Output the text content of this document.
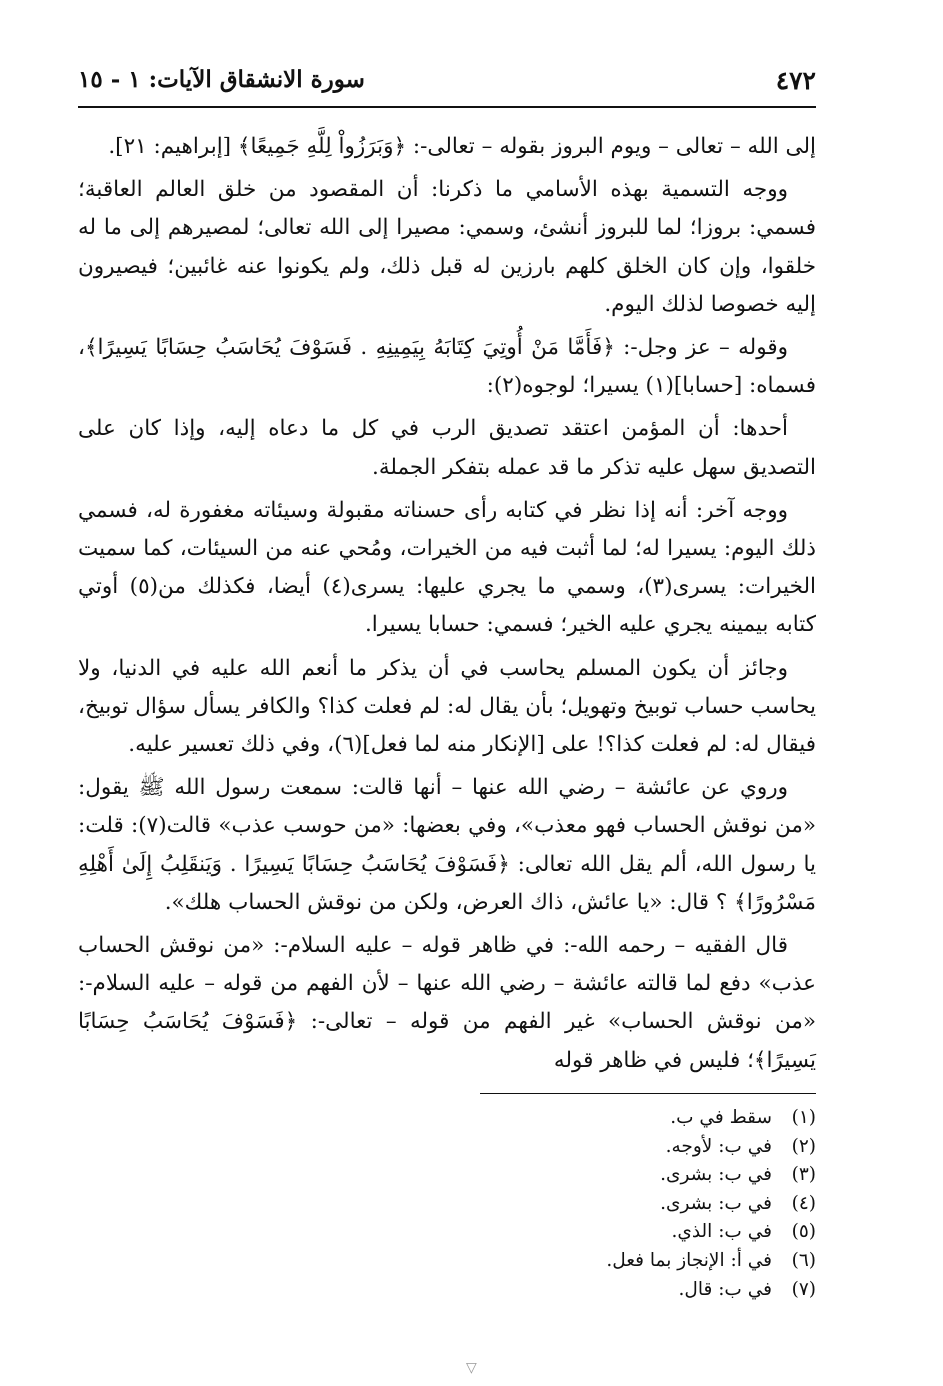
٤٧٢
سورة الانشقاق الآيات: ١ - ١٥

إلى الله – تعالى – ويوم البروز بقوله – تعالى-: ﴿وَبَرَزُواْ لِلَّهِ جَمِيعًا﴾ [إبراهيم: ٢١].

ووجه التسمية بهذه الأسامي ما ذكرنا: أن المقصود من خلق العالم العاقبة؛ فسمي: بروزا؛ لما للبروز أنشئ، وسمي: مصيرا إلى الله تعالى؛ لمصيرهم إلى ما له خلقوا، وإن كان الخلق كلهم بارزين له قبل ذلك، ولم يكونوا عنه غائبين؛ فيصيرون إليه خصوصا لذلك اليوم.

وقوله – عز وجل-: ﴿فَأَمَّا مَنْ أُوتِيَ كِتَابَهُ بِيَمِينِهِ . فَسَوْفَ يُحَاسَبُ حِسَابًا يَسِيرًا﴾، فسماه: [حسابا](١) يسيرا؛ لوجوه(٢):

أحدها: أن المؤمن اعتقد تصديق الرب في كل ما دعاه إليه، وإذا كان على التصديق سهل عليه تذكر ما قد عمله بتفكر الجملة.

ووجه آخر: أنه إذا نظر في كتابه رأى حسناته مقبولة وسيئاته مغفورة له، فسمي ذلك اليوم: يسيرا له؛ لما أثبت فيه من الخيرات، ومُحي عنه من السيئات، كما سميت الخيرات: يسرى(٣)، وسمي ما يجري عليها: يسرى(٤) أيضا، فكذلك من(٥) أوتي كتابه بيمينه يجري عليه الخير؛ فسمي: حسابا يسيرا.

وجائز أن يكون المسلم يحاسب في أن يذكر ما أنعم الله عليه في الدنيا، ولا يحاسب حساب توبيخ وتهويل؛ بأن يقال له: لم فعلت كذا؟ والكافر يسأل سؤال توبيخ، فيقال له: لم فعلت كذا؟! على [الإنكار منه لما فعل](٦)، وفي ذلك تعسير عليه.

وروي عن عائشة – رضي الله عنها – أنها قالت: سمعت رسول الله ﷺ يقول: «من نوقش الحساب فهو معذب»، وفي بعضها: «من حوسب عذب» قالت(٧): قلت: يا رسول الله، ألم يقل الله تعالى: ﴿فَسَوْفَ يُحَاسَبُ حِسَابًا يَسِيرًا . وَيَنقَلِبُ إِلَىٰ أَهْلِهِ مَسْرُورًا﴾ ؟ قال: «يا عائش، ذاك العرض، ولكن من نوقش الحساب هلك».

قال الفقيه – رحمه الله-: في ظاهر قوله – عليه السلام-: «من نوقش الحساب عذب» دفع لما قالته عائشة – رضي الله عنها – لأن الفهم من قوله – عليه السلام-: «من نوقش الحساب» غير الفهم من قوله – تعالى-: ﴿فَسَوْفَ يُحَاسَبُ حِسَابًا يَسِيرًا﴾؛ فليس في ظاهر قوله

(١)سقط في ب.
(٢)في ب: لأوجه.
(٣)في ب: بشرى.
(٤)في ب: بشرى.
(٥)في ب: الذي.
(٦)في أ: الإنجاز بما فعل.
(٧)في ب: قال.
▽
